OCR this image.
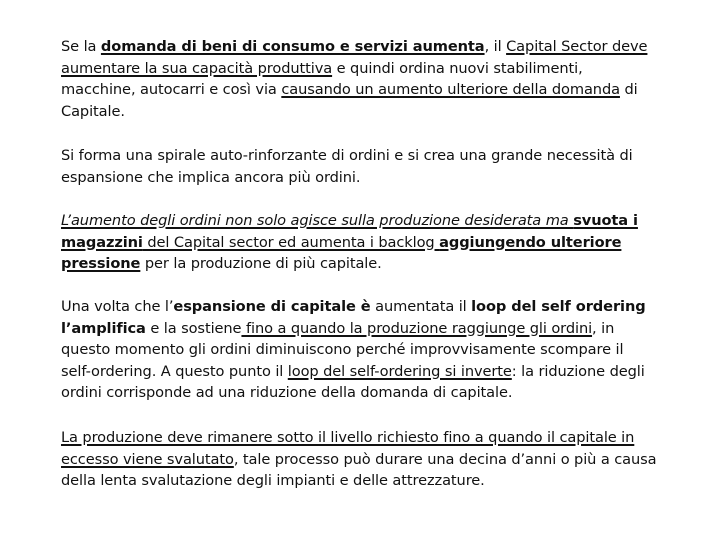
Se la domanda di beni di consumo e servizi aumenta, il Capital Sector deve aumentare la sua capacità produttiva e quindi ordina nuovi stabilimenti, macchine, autocarri e così via causando un aumento ulteriore della domanda di Capitale.

Si forma una spirale auto-rinforzante di ordini e si crea una grande necessità di espansione che implica ancora più ordini.

L’aumento degli ordini non solo agisce sulla produzione desiderata ma svuota i magazzini del Capital sector ed aumenta i backlog aggiungendo ulteriore pressione per la produzione di più capitale.

Una volta che l’espansione di capitale è aumentata il loop del self ordering l’amplifica e la sostiene fino a quando la produzione raggiunge gli ordini, in questo momento gli ordini diminuiscono perché improvvisamente scompare il self-ordering. A questo punto il loop del self-ordering si inverte: la riduzione degli ordini corrisponde ad una riduzione della domanda di capitale.

La produzione deve rimanere sotto il livello richiesto fino a quando il capitale in eccesso viene svalutato, tale processo può durare una decina d’anni o più a causa della lenta svalutazione degli impianti e delle attrezzature.
